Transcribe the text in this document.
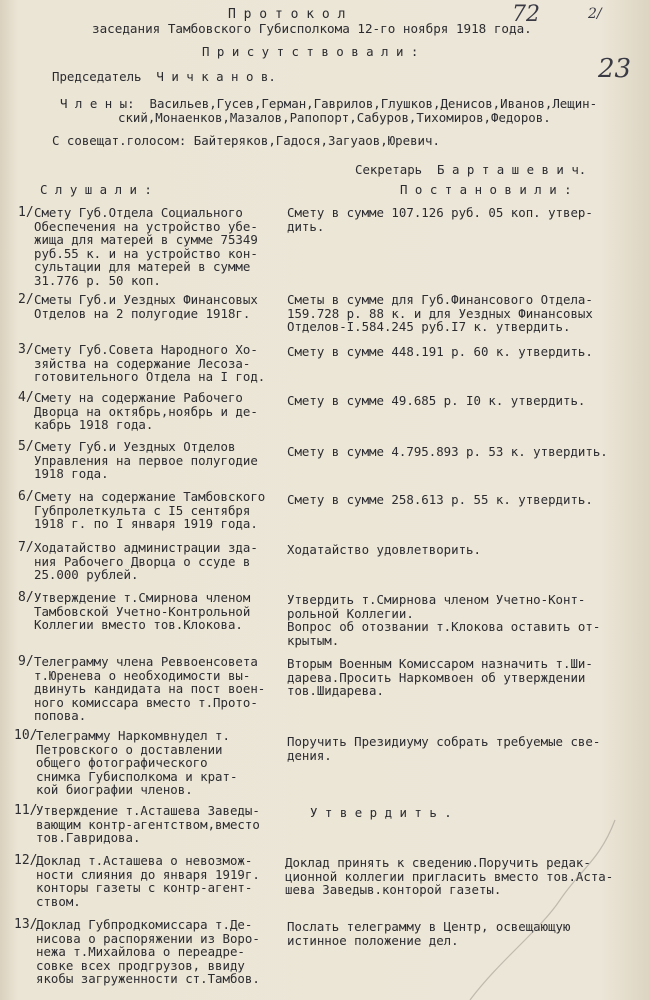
72	2/
23
П р о т о к о л
заседания Тамбовского Губисполкома 12-го ноября 1918 года.
П р и с у т с т в о в а л и :
Председатель  Ч и ч к а н о в.
Ч л е н ы:  Васильев,Гусев,Герман,Гаврилов,Глушков,Денисов,Иванов,Лещин-
ский,Монаенков,Мазалов,Рапопорт,Сабуров,Тихомиров,Федоров.
С совещат.голосом: Байтеряков,Гадося,Загуаов,Юревич.
Секретарь  Б а р т а ш е в и ч.
С л у ш а л и :	П о с т а н о в и л и :
1/ Смету Губ.Отдела Социального
Обеспечения на устройство убе-
жища для матерей в сумме 75349
руб.55 к. и на устройство кон-
сультации для матерей в сумме
31.776 р. 50 коп.
Смету в сумме 107.126 руб. 05 коп. утвер-
дить.
2/ Сметы Губ.и Уездных Финансовых
Отделов на 2 полугодие 1918г.
Сметы в сумме для Губ.Финансового Отдела-
159.728 р. 88 к. и для Уездных Финансовых
Отделов-I.584.245 руб.I7 к. утвердить.
3/ Смету Губ.Совета Народного Хо-
зяйства на содержание Лесоза-
готовительного Отдела на I год.
Смету в сумме 448.191 р. 60 к. утвердить.
4/ Смету на содержание Рабочего
Дворца на октябрь,ноябрь и де-
кабрь 1918 года.
Смету в сумме 49.685 р. I0 к. утвердить.
5/ Смету Губ.и Уездных Отделов
Управления на первое полугодие
1918 года.
Смету в сумме 4.795.893 р. 53 к. утвердить.
6/ Смету на содержание Тамбовского
Губпролеткульта с I5 сентября
1918 г. по I января 1919 года.
Смету в сумме 258.613 р. 55 к. утвердить.
7/ Ходатайство администрации зда-
ния Рабочего Дворца о ссуде в
25.000 рублей.
Ходатайство удовлетворить.
8/ Утверждение т.Смирнова членом
Тамбовской Учетно-Контрольной
Коллегии вместо тов.Клокова.
Утвердить т.Смирнова членом Учетно-Конт-
рольной Коллегии.
Вопрос об отозвании т.Клокова оставить от-
крытым.
9/ Телеграмму члена Реввоенсовета
т.Юренева о необходимости вы-
двинуть кандидата на пост воен-
ного комиссара вместо т.Прото-
попова.
Вторым Военным Комиссаром назначить т.Ши-
дарева.Просить Наркомвоен об утверждении
тов.Шидарева.
10/
Телеграмму Наркомвнудел т.
Петровского о доставлении
общего фотографического
снимка Губисполкома и крат-
кой биографии членов.
Поручить Президиуму собрать требуемые све-
дения.
11/
Утверждение т.Асташева Заведы-
вающим контр-агентством,вместо
тов.Гавридова.
У т в е р д и т ь .
12/
Доклад т.Асташева о невозмож-
ности слияния до января 1919г.
конторы газеты с контр-агент-
ством.
Доклад принять к сведению.Поручить редак-
ционной коллегии пригласить вместо тов.Аста-
шева Заведыв.конторой газеты.
13/
Доклад Губпродкомиссара т.Де-
нисова о распоряжении из Воро-
нежа т.Михайлова о переадре-
совке всех продгрузов, ввиду
якобы загруженности ст.Тамбов.
Послать телеграмму в Центр, освещающую
истинное положение дел.
